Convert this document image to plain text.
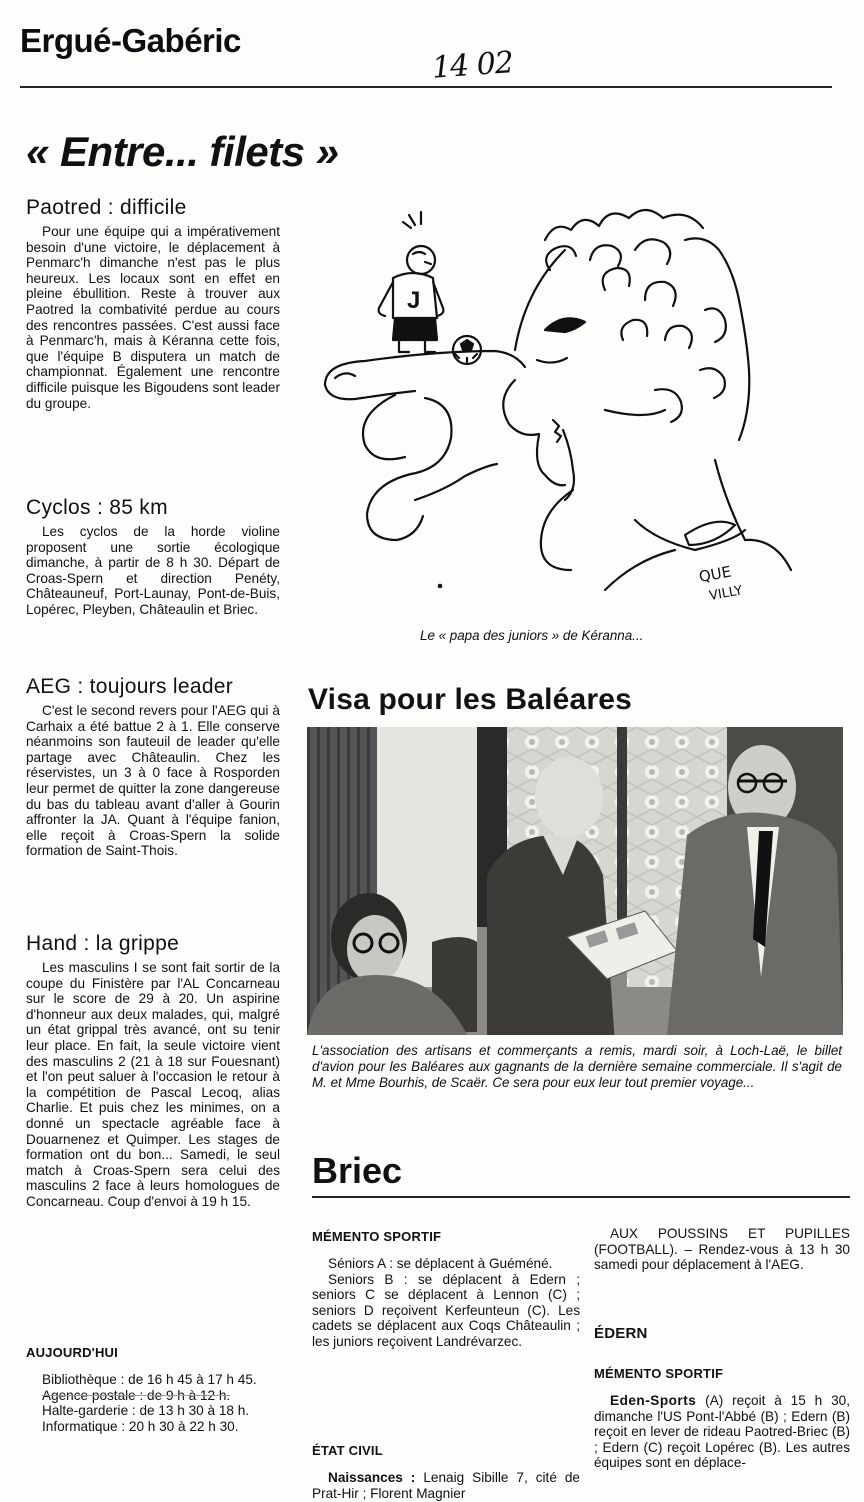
Ergué-Gabéric
14 02
« Entre... filets »
Paotred : difficile

Pour une équipe qui a impérativement besoin d'une victoire, le déplacement à Penmarc'h dimanche n'est pas le plus heureux. Les locaux sont en effet en pleine ébullition. Reste à trouver aux Paotred la combativité perdue au cours des rencontres passées. C'est aussi face à Penmarc'h, mais à Kéranna cette fois, que l'équipe B disputera un match de championnat. Également une rencontre difficile puisque les Bigoudens sont leader du groupe.

Cyclos : 85 km

Les cyclos de la horde violine proposent une sortie écologique dimanche, à partir de 8 h 30. Départ de Croas-Spern et direction Penéty, Châteauneuf, Port-Launay, Pont-de-Buis, Lopérec, Pleyben, Châteaulin et Briec.

AEG : toujours leader

C'est le second revers pour l'AEG qui à Carhaix a été battue 2 à 1. Elle conserve néanmoins son fauteuil de leader qu'elle partage avec Châteaulin. Chez les réservistes, un 3 à 0 face à Rosporden leur permet de quitter la zone dangereuse du bas du tableau avant d'aller à Gourin affronter la JA. Quant à l'équipe fanion, elle reçoit à Croas-Spern la solide formation de Saint-Thois.

Hand : la grippe

Les masculins I se sont fait sortir de la coupe du Finistère par l'AL Concarneau sur le score de 29 à 20. Un aspirine d'honneur aux deux malades, qui, malgré un état grippal très avancé, ont su tenir leur place. En fait, la seule victoire vient des masculins 2 (21 à 18 sur Fouesnant) et l'on peut saluer à l'occasion le retour à la compétition de Pascal Lecoq, alias Charlie. Et puis chez les minimes, on a donné un spectacle agréable face à Douarnenez et Quimper. Les stages de formation ont du bon... Samedi, le seul match à Croas-Spern sera celui des masculins 2 face à leurs homologues de Concarneau. Coup d'envoi à 19 h 15.

AUJOURD'HUI

Bibliothèque : de 16 h 45 à 17 h 45.

Agence postale : de 9 h à 12 h.

Halte-garderie : de 13 h 30 à 18 h.

Informatique : 20 h 30 à 22 h 30.

J
QUE
VILLY
Le « papa des juniors » de Kéranna...
Visa pour les Baléares
L'association des artisans et commerçants a remis, mardi soir, à Loch-Laë, le billet d'avion pour les Baléares aux gagnants de la dernière semaine commerciale. Il s'agit de M. et Mme Bourhis, de Scaër. Ce sera pour eux leur tout premier voyage...
Briec
MÉMENTO SPORTIF

Séniors A : se déplacent à Guéméné.

Seniors B : se déplacent à Edern ; seniors C se déplacent à Lennon (C) ; seniors D reçoivent Kerfeunteun (C). Les cadets se déplacent aux Coqs Châteaulin ; les juniors reçoivent Landrévarzec.

ÉTAT CIVIL

Naissances : Lenaig Sibille 7, cité de Prat-Hir ; Florent Magnier

AUX POUSSINS ET PUPILLES (FOOTBALL). – Rendez-vous à 13 h 30 samedi pour déplacement à l'AEG.

ÉDERN
MÉMENTO SPORTIF

Eden-Sports (A) reçoit à 15 h 30, dimanche l'US Pont-l'Abbé (B) ; Edern (B) reçoit en lever de rideau Paotred-Briec (B) ; Edern (C) reçoit Lopérec (B). Les autres équipes sont en déplace-
